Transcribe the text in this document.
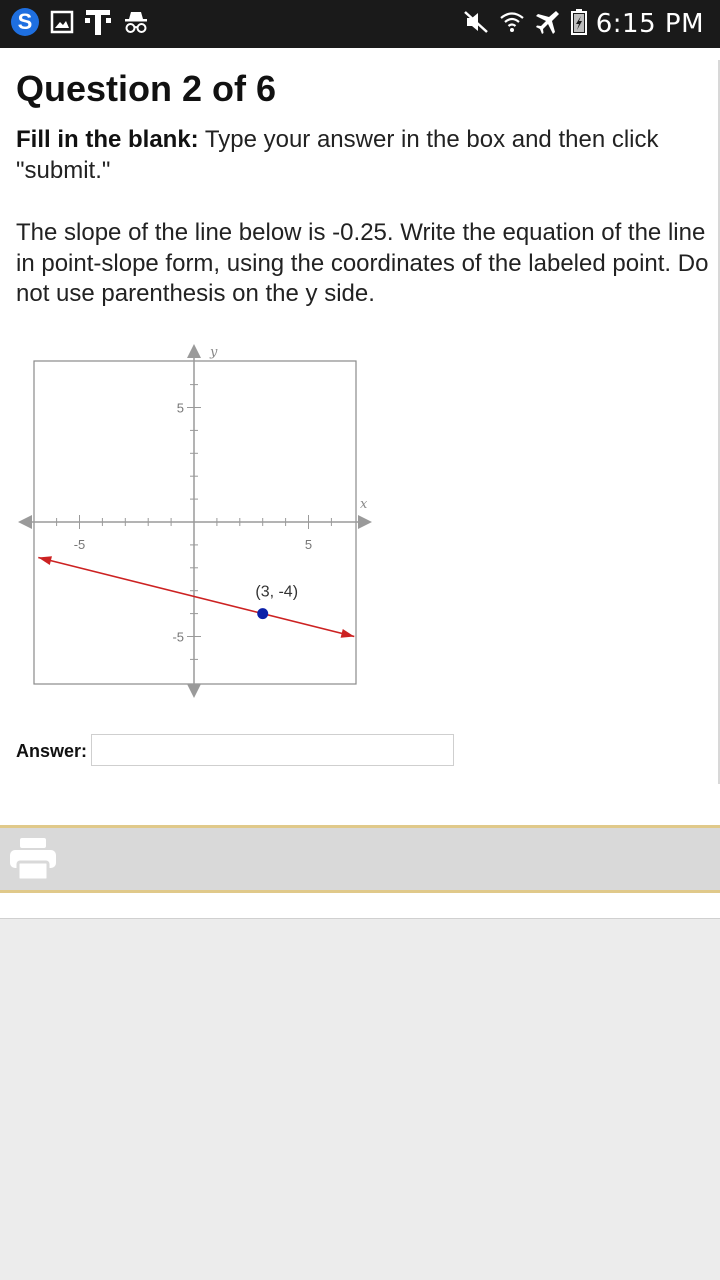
S	6:15 PM
Question 2 of 6
Fill in the blank: Type your answer in the box and then click "submit."
The slope of the line below is -0.25. Write the equation of the line in point-slope form, using the coordinates of the labeled point. Do not use parenthesis on the y side.
-5	5
5
-5
y
x
(3, -4)
Answer:
